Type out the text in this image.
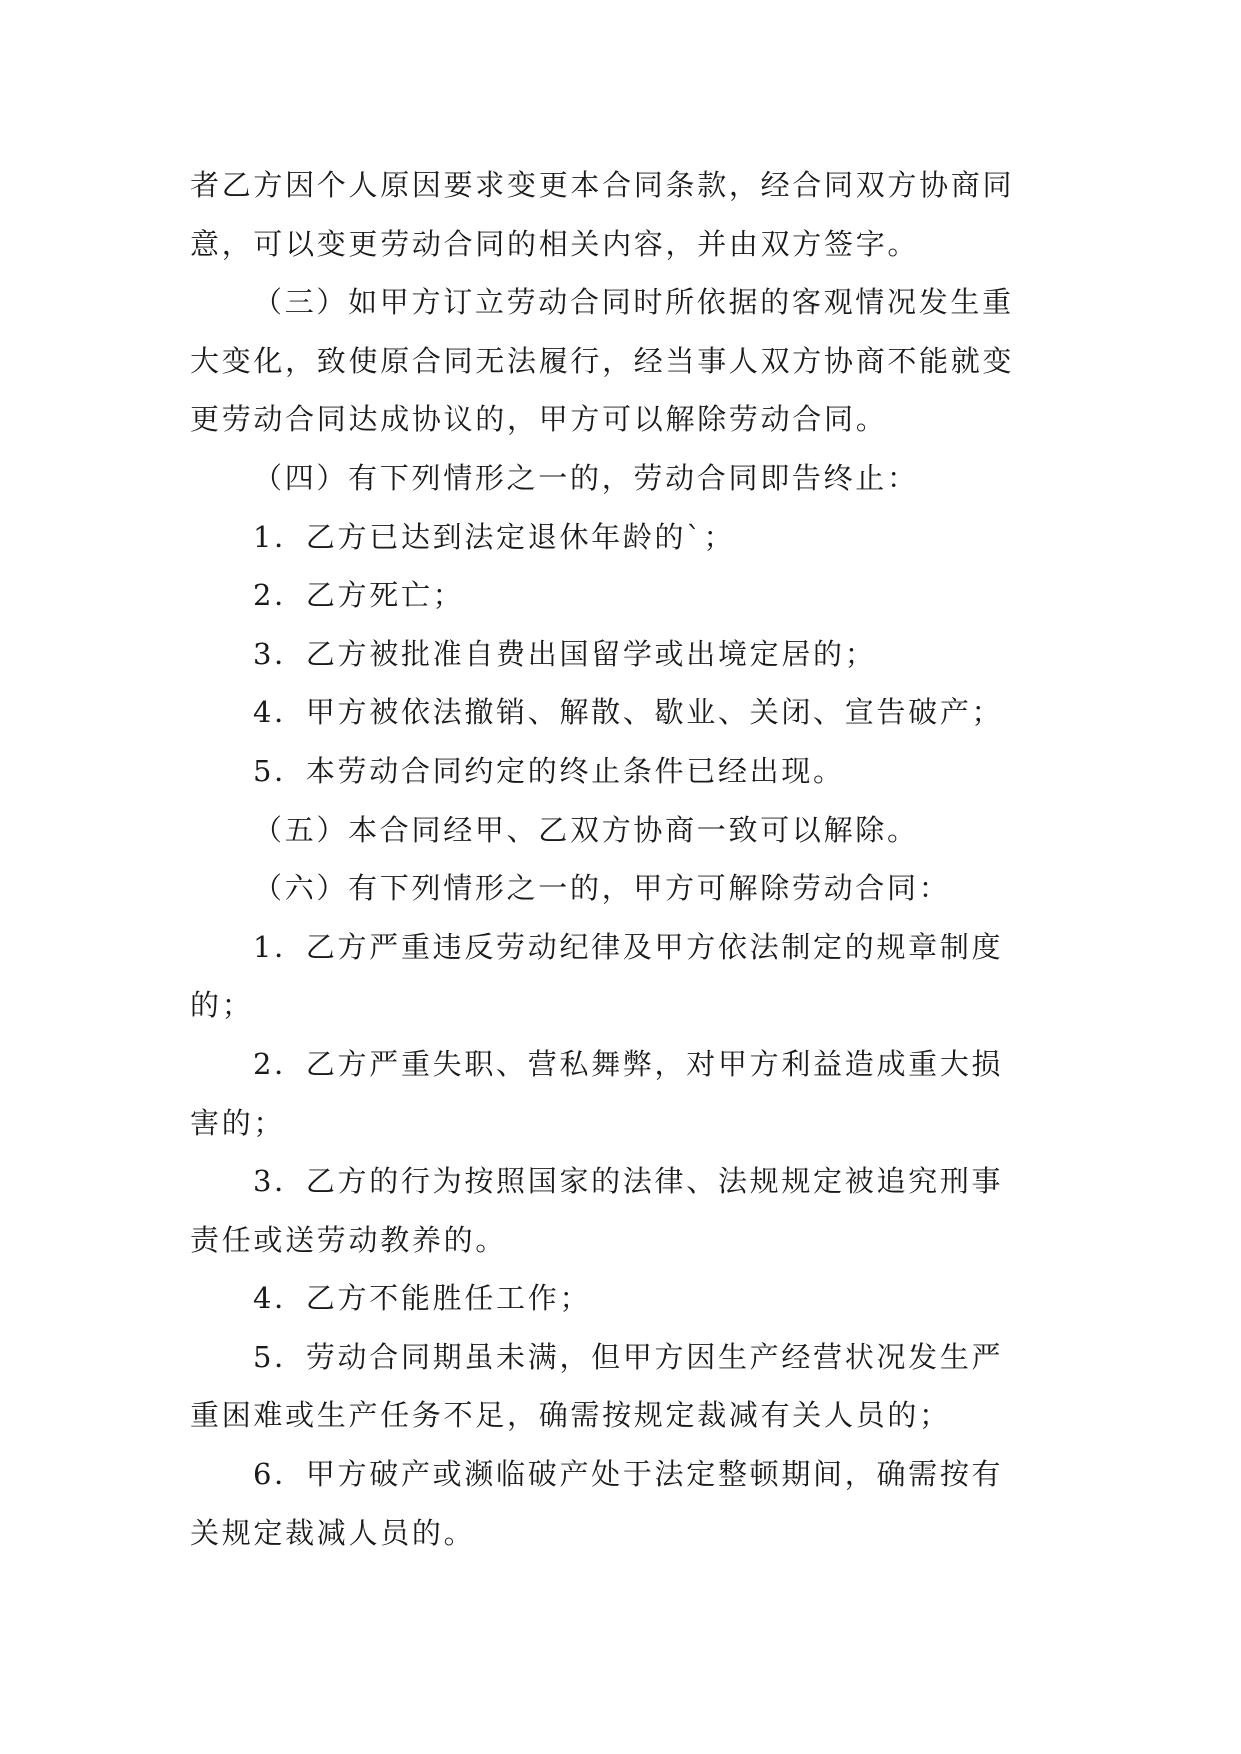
者乙方因个人原因要求变更本合同条款，经合同双方协商同
意，可以变更劳动合同的相关内容，并由双方签字。
（三）如甲方订立劳动合同时所依据的客观情况发生重
大变化，致使原合同无法履行，经当事人双方协商不能就变
更劳动合同达成协议的，甲方可以解除劳动合同。
（四）有下列情形之一的，劳动合同即告终止：
1．乙方已达到法定退休年龄的`；
2．乙方死亡；
3．乙方被批准自费出国留学或出境定居的；
4．甲方被依法撤销、解散、歇业、关闭、宣告破产；
5．本劳动合同约定的终止条件已经出现。
（五）本合同经甲、乙双方协商一致可以解除。
（六）有下列情形之一的，甲方可解除劳动合同：
1．乙方严重违反劳动纪律及甲方依法制定的规章制度
的；
2．乙方严重失职、营私舞弊，对甲方利益造成重大损
害的；
3．乙方的行为按照国家的法律、法规规定被追究刑事
责任或送劳动教养的。
4．乙方不能胜任工作；
5．劳动合同期虽未满，但甲方因生产经营状况发生严
重困难或生产任务不足，确需按规定裁减有关人员的；
6．甲方破产或濒临破产处于法定整顿期间，确需按有
关规定裁减人员的。
